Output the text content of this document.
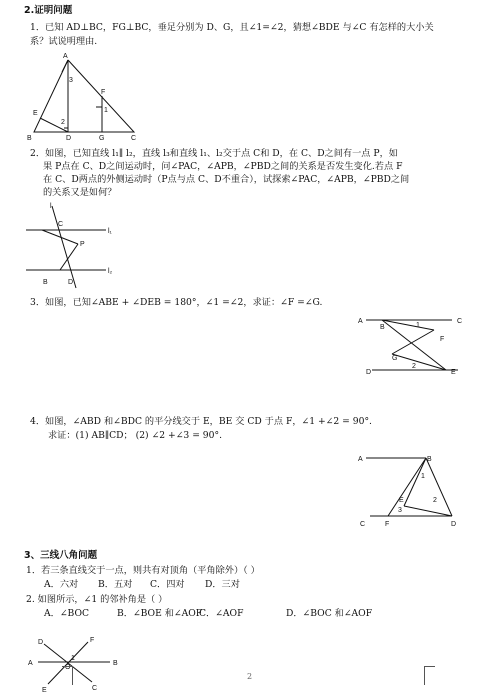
2.证明问题
1．已知 AD⊥BC，FG⊥BC，垂足分别为 D、G，且∠1=∠2，猜想∠BDE 与∠C 有怎样的大小关
系？试说明理由.
A
B	C
D	G
E
F
1
2
3
2．如图，已知直线 l₁∥ l₂，直线 l₃和直线 l₁、l₂交于点 C和 D，在 C、D之间有一点 P，如
果 P点在 C、D之间运动时，问∠PAC，∠APB，∠PBD之间的关系是否发生变化.若点 F
在 C、D两点的外侧运动时（P点与点 C、D不重合），试探索∠PAC，∠APB，∠PBD之间
的关系又是如何？
l
C
P
B	D
l₁
l₂
3．如图，已知∠ABE + ∠DEB = 180°，∠1 =∠2，求证：∠F =∠G.
A
B	1
C
F
G
2
D	E
4．如图，∠ABD 和∠BDC 的平分线交于 E，BE 交 CD 于点 F，∠1 +∠2 = 90°.
求证：(1) AB∥CD； (2) ∠2 +∠3 = 90°.
A	B
1
2
E
3
C	F	D
3、三线八角问题
1．若三条直线交于一点，则共有对顶角（平角除外）（ ）
A．六对 B．五对 C．四对 D．三对
2. 如图所示，∠1 的邻补角是（ ）
A．∠BOC	B．∠BOE 和∠AOF
C．∠AOF	D．∠BOC 和∠AOF
D	F
A
1
O
B
E	C
2
